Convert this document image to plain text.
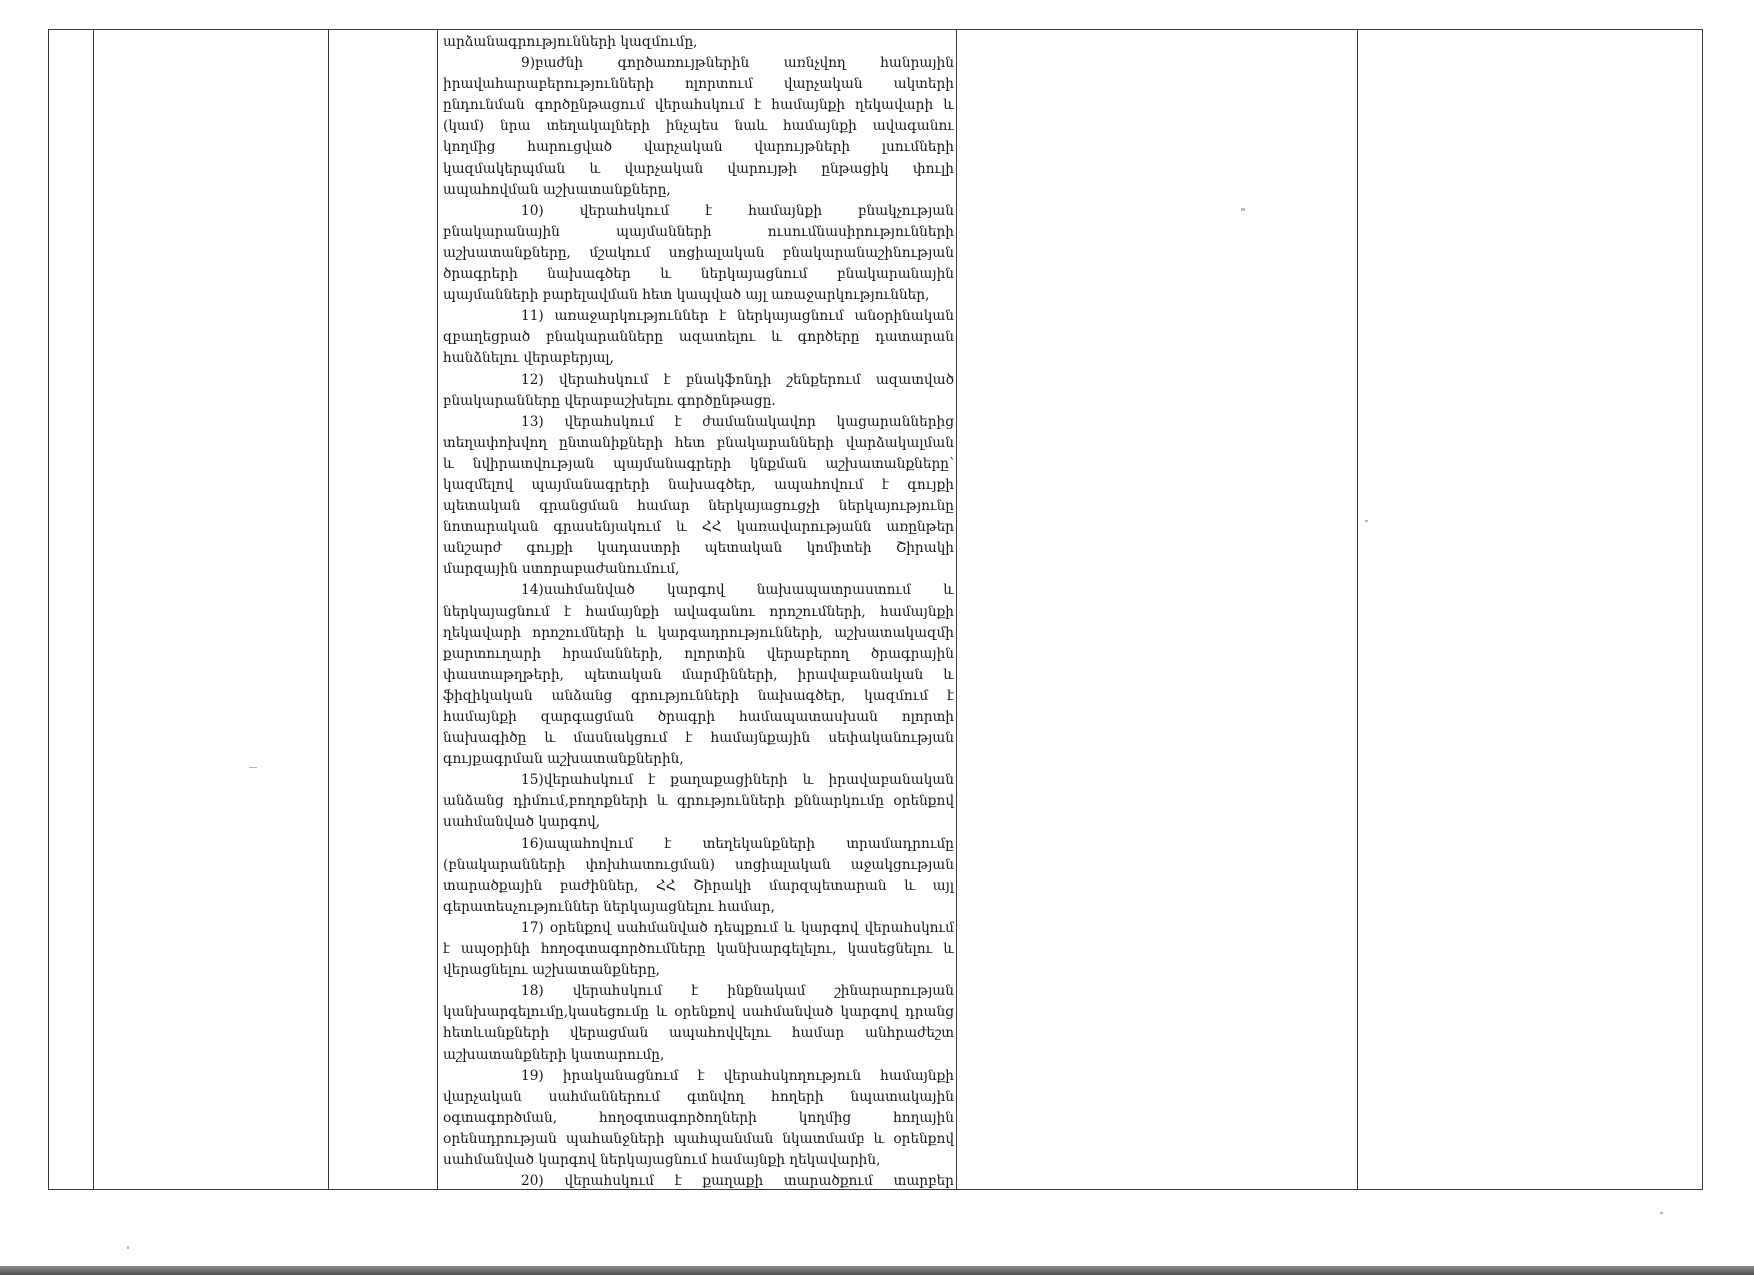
արձանագրությունների կազմումը,
9)բաժնի գործառույթներին առնչվող հանրային
իրավահարաբերությունների ոլորտում վարչական ակտերի
ընդունման գործընթացում վերահսկում է համայնքի ղեկավարի և
(կամ) նրա տեղակալների ինչպես նաև համայնքի ավագանու
կողմից հարուցված վարչական վարույթների լսումների
կազմակերպման և վարչական վարույթի ընթացիկ փուլի
ապահովման աշխատանքները,
10) վերահսկում է համայնքի բնակչության
բնակարանային պայմանների ուսումնասիրությունների
աշխատանքները, մշակում սոցիալական բնակարանաշինության
ծրագրերի նախագծեր և ներկայացնում բնակարանային
պայմանների բարելավման հետ կապված այլ առաջարկություններ,
11) առաջարկություններ է ներկայացնում անօրինական
զբաղեցրած բնակարանները ազատելու և գործերը դատարան
հանձնելու վերաբերյալ,
12) վերահսկում է բնակֆոնդի շենքերում ազատված
բնակարանները վերաբաշխելու գործընթացը.
13) վերահսկում է ժամանակավոր կացարաններից
տեղափոխվող ընտանիքների հետ բնակարանների վարձակալման
և նվիրատվության պայմանագրերի կնքման աշխատանքները՝
կազմելով պայմանագրերի նախագծեր, ապահովում է գույքի
պետական գրանցման համար ներկայացուցչի ներկայությունը
նոտարական գրասենյակում և ՀՀ կառավարությանն առընթեր
անշարժ գույքի կադաստրի պետական կոմիտեի Շիրակի
մարզային ստորաբաժանումում,
14)սահմանված կարգով նախապատրաստում և
ներկայացնում է համայնքի ավագանու որոշումների, համայնքի
ղեկավարի որոշումների և կարգադրությունների, աշխատակազմի
քարտուղարի հրամանների, ոլորտին վերաբերող ծրագրային
փաստաթղթերի, պետական մարմինների, իրավաբանական և
ֆիզիկական անձանց գրությունների նախագծեր, կազմում է
համայնքի զարգացման ծրագրի համապատասխան ոլորտի
նախագիծը և մասնակցում է համայնքային սեփականության
գույքագրման աշխատանքներին,
15)վերահսկում է քաղաքացիների և իրավաբանական
անձանց դիմում,բողոքների և գրությունների քննարկումը օրենքով
սահմանված կարգով,
16)ապահովում է տեղեկանքների տրամադրումը
(բնակարանների փոխհատուցման) սոցիալական աջակցության
տարածքային բաժիններ, ՀՀ Շիրակի մարզպետարան և այլ
գերատեսչություններ ներկայացնելու համար,
17) օրենքով սահմանված դեպքում և կարգով վերահսկում
է ապօրինի հողօգտագործումները կանխարգելելու, կասեցնելու և
վերացնելու աշխատանքները,
18) վերահսկում է ինքնակամ շինարարության
կանխարգելումը,կասեցումը և օրենքով սահմանված կարգով դրանց
հետևանքների վերացման ապահովվելու համար անհրաժեշտ
աշխատանքների կատարումը,
19) իրականացնում է վերահսկողություն համայնքի
վարչական սահմաններում գտնվող հողերի նպատակային
օգտագործման, հողօգտագործողների կողմից հողային
օրենսդրության պահանջների պահպանման նկատմամբ և օրենքով
սահմանված կարգով ներկայացնում համայնքի ղեկավարին,
20) վերահսկում է քաղաքի տարածքում տարբեր
